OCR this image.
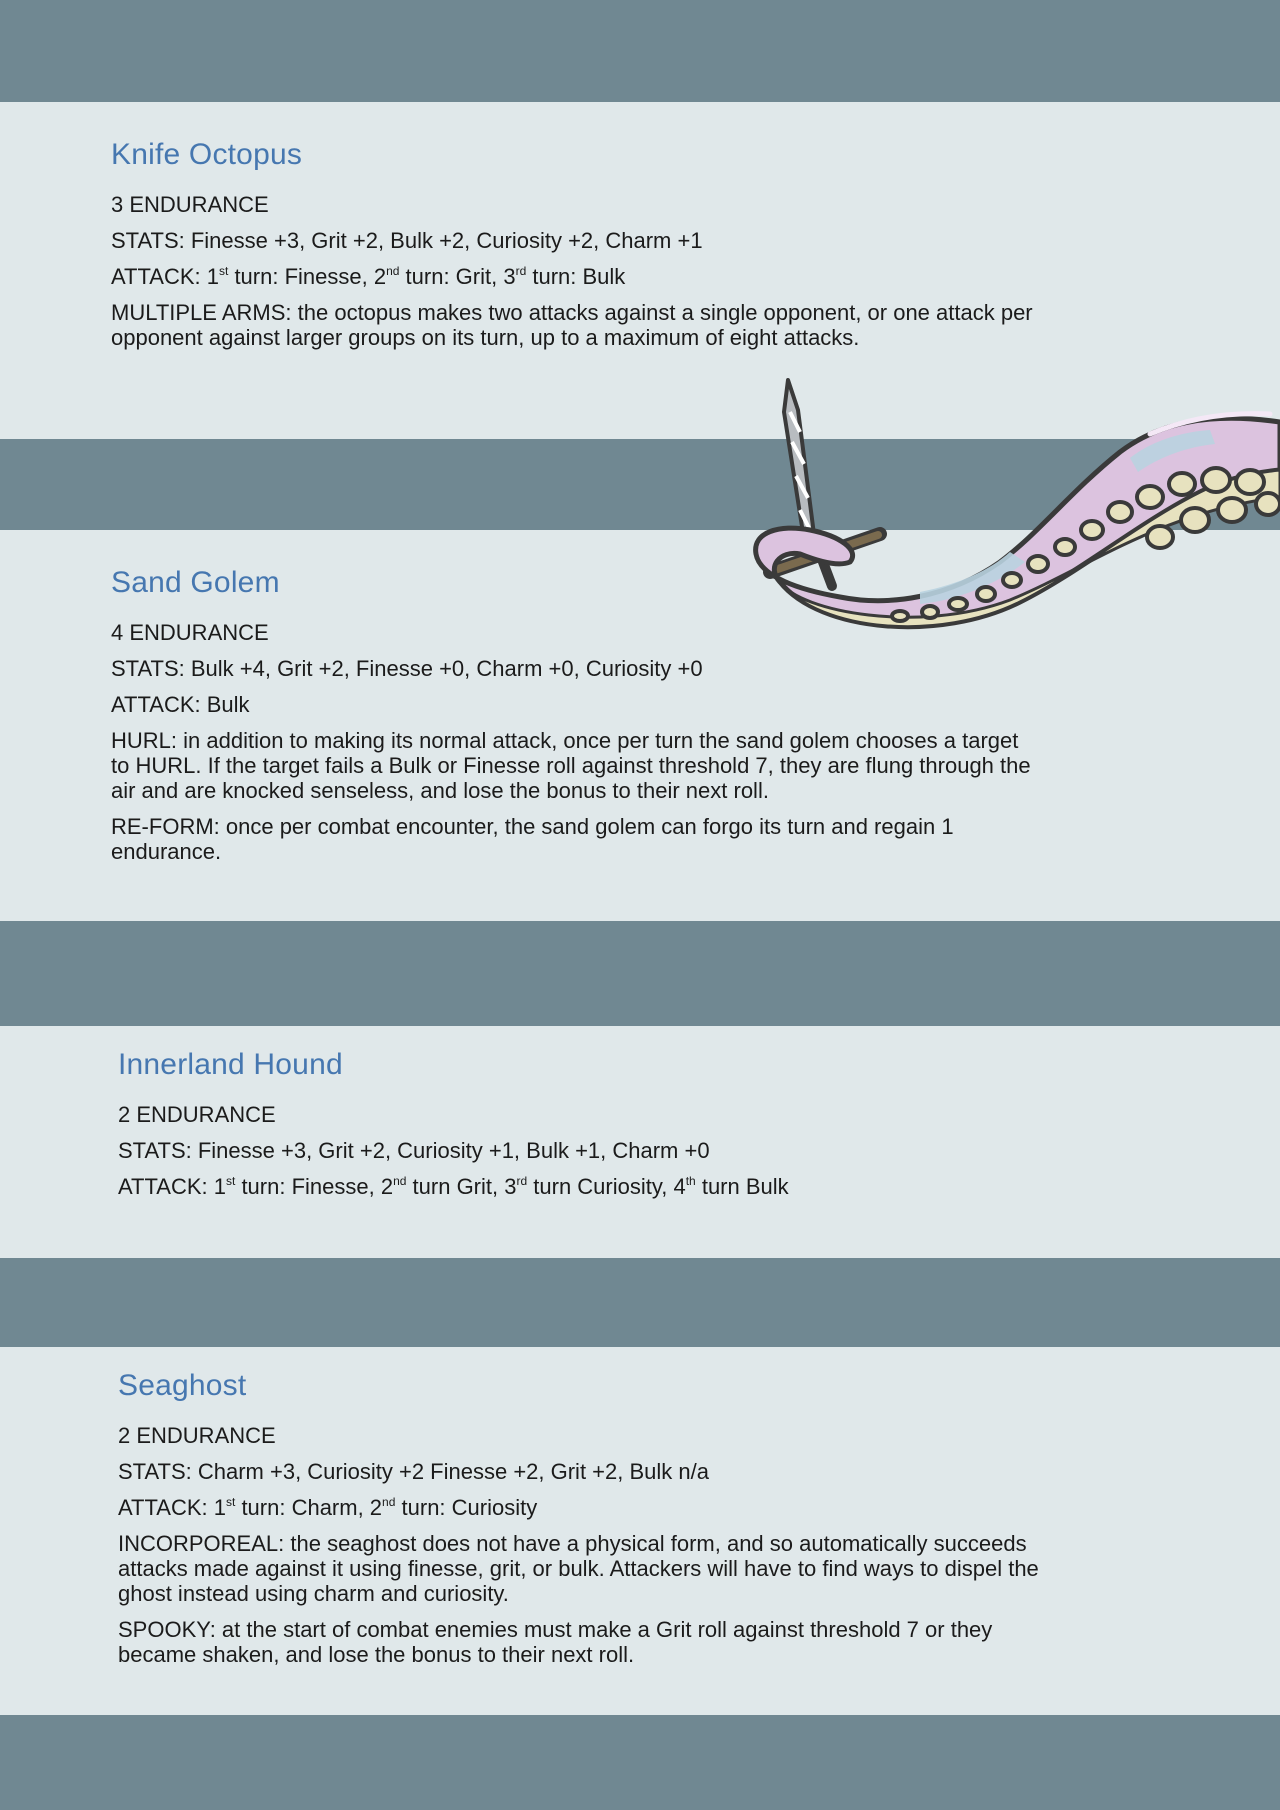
Knife Octopus
3 ENDURANCE
STATS: Finesse +3, Grit +2, Bulk +2, Curiosity +2, Charm +1
ATTACK: 1st turn: Finesse, 2nd turn: Grit, 3rd turn: Bulk
MULTIPLE ARMS: the octopus makes two attacks against a single opponent, or one attack per opponent against larger groups on its turn, up to a maximum of eight attacks.
Sand Golem
4 ENDURANCE
STATS: Bulk +4, Grit +2, Finesse +0, Charm +0, Curiosity +0
ATTACK: Bulk
HURL: in addition to making its normal attack, once per turn the sand golem chooses a target to HURL. If the target fails a Bulk or Finesse roll against threshold 7, they are flung through the air and are knocked senseless, and lose the bonus to their next roll.
RE-FORM: once per combat encounter, the sand golem can forgo its turn and regain 1 endurance.
Innerland Hound
2 ENDURANCE
STATS: Finesse +3, Grit +2, Curiosity +1, Bulk +1, Charm +0
ATTACK: 1st turn: Finesse, 2nd turn Grit, 3rd turn Curiosity, 4th turn Bulk
Seaghost
2 ENDURANCE
STATS: Charm +3, Curiosity +2 Finesse +2, Grit +2, Bulk n/a
ATTACK: 1st turn: Charm, 2nd turn: Curiosity
INCORPOREAL: the seaghost does not have a physical form, and so automatically succeeds attacks made against it using finesse, grit, or bulk. Attackers will have to find ways to dispel the ghost instead using charm and curiosity.
SPOOKY: at the start of combat enemies must make a Grit roll against threshold 7 or they became shaken, and lose the bonus to their next roll.
